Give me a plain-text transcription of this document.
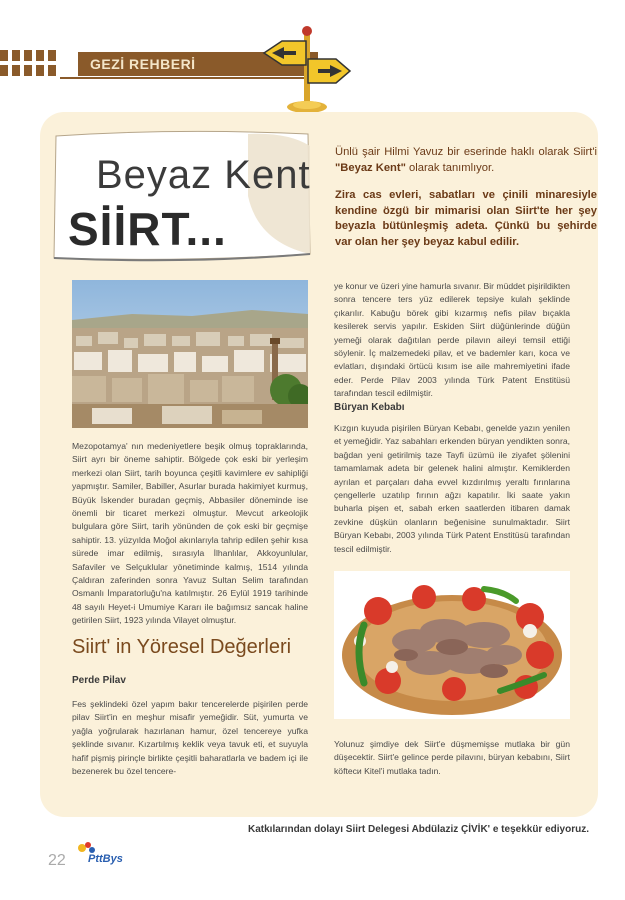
GEZİ REHBERİ
Beyaz Kent
SİİRT...

Ünlü şair Hilmi Yavuz bir eserinde haklı olarak Siirt'i "Beyaz Kent" olarak tanımlıyor.

Zira cas evleri, sabatları ve çinili minaresiyle kendine özgü bir mimarisi olan Siirt'te her şey beyazla bütünleşmiş adeta. Çünkü bu şehirde var olan her şey beyaz kabul edilir.

Mezopotamya' nın medeniyetlere beşik olmuş topraklarında, Siirt ayrı bir öneme sahiptir. Bölgede çok eski bir yerleşim merkezi olan Siirt, tarih boyunca çeşitli kavimlere ev sahipliği yapmıştır. Samiler, Babiller, Asurlar burada hakimiyet kurmuş, Büyük İskender buradan geçmiş, Abbasiler döneminde ise önemli bir ticaret merkezi olmuştur. Mevcut arkeolojik bulgulara göre Siirt, tarih yönünden de çok eski bir geçmişe sahiptir. 13. yüzyılda Moğol akınlarıyla tahrip edilen şehir kısa sürede imar edilmiş, sırasıyla İlhanlılar, Akkoyunlular, Safaviler ve Selçuklular yönetiminde kalmış, 1514 yılında Çaldıran zaferinden sonra Yavuz Sultan Selim tarafından Osmanlı İmparatorluğu'na katılmıştır. 26 Eylül 1919 tarihinde 48 sayılı Heyet-i Umumiye Kararı ile bağımsız sancak haline getirilen Siirt, 1923 yılında Vilayet olmuştur.
Siirt' in Yöresel Değerleri
Perde Pilav
Fes şeklindeki özel yapım bakır tencerelerde pişirilen perde pilav Siirt'in en meşhur misafir yemeğidir. Süt, yumurta ve yağla yoğrularak hazırlanan hamur, özel tencereye yufka şeklinde sıvanır. Kızartılmış keklik veya tavuk eti, et suyuyla hafif pişmiş pirinçle birlikte çeşitli baharatlarla ve badem içi ile bezenerek bu özel tencere-
ye konur ve üzeri yine hamurla sıvanır. Bir müddet pişirildikten sonra tencere ters yüz edilerek tepsiye kulah şeklinde çıkarılır. Kabuğu börek gibi kızarmış nefis pilav bıçakla kesilerek servis yapılır. Eskiden Siirt düğünlerinde düğün yemeği olarak dağıtılan perde pilavın aileyi temsil ettiği söylenir. İç malzemedeki pilav, et ve bademler karı, koca ve evlatları, dışındaki örtücü kısım ise aile mahremiyetini ifade eder. Perde Pilav 2003 yılında Türk Patent Enstitüsü tarafından tescil edilmiştir.
Büryan Kebabı
Kızgın kuyuda pişirilen Büryan Kebabı, genelde yazın yenilen et yemeğidir. Yaz sabahları erkenden büryan yendikten sonra, bağdan yeni getirilmiş taze Tayfi üzümü ile ziyafet şölenini tamamlamak adeta bir gelenek halini almıştır. Kemiklerden ayrılan et parçaları daha evvel kızdırılmış yeraltı fırınlarına çengellerle uzatılıp fırının ağzı kapatılır. İki saate yakın buharla pişen et, sabah erken saatlerden itibaren damak zevkine düşkün olanların beğenisine sunulmaktadır. Siirt Büryan Kebabı, 2003 yılında Türk Patent Enstitüsü tarafından tescil edilmiştir.
Yolunuz şimdiye dek Siirt'e düşmemişse mutlaka bir gün düşecektir. Siirt'e gelince perde pilavını, büryan kebabını, Siirt köfteси Kitel'i mutlaka tadın.
Katkılarından dolayı Siirt Delegesi Abdülaziz ÇİVİK' e teşekkür ediyoruz.
22 PttBys
